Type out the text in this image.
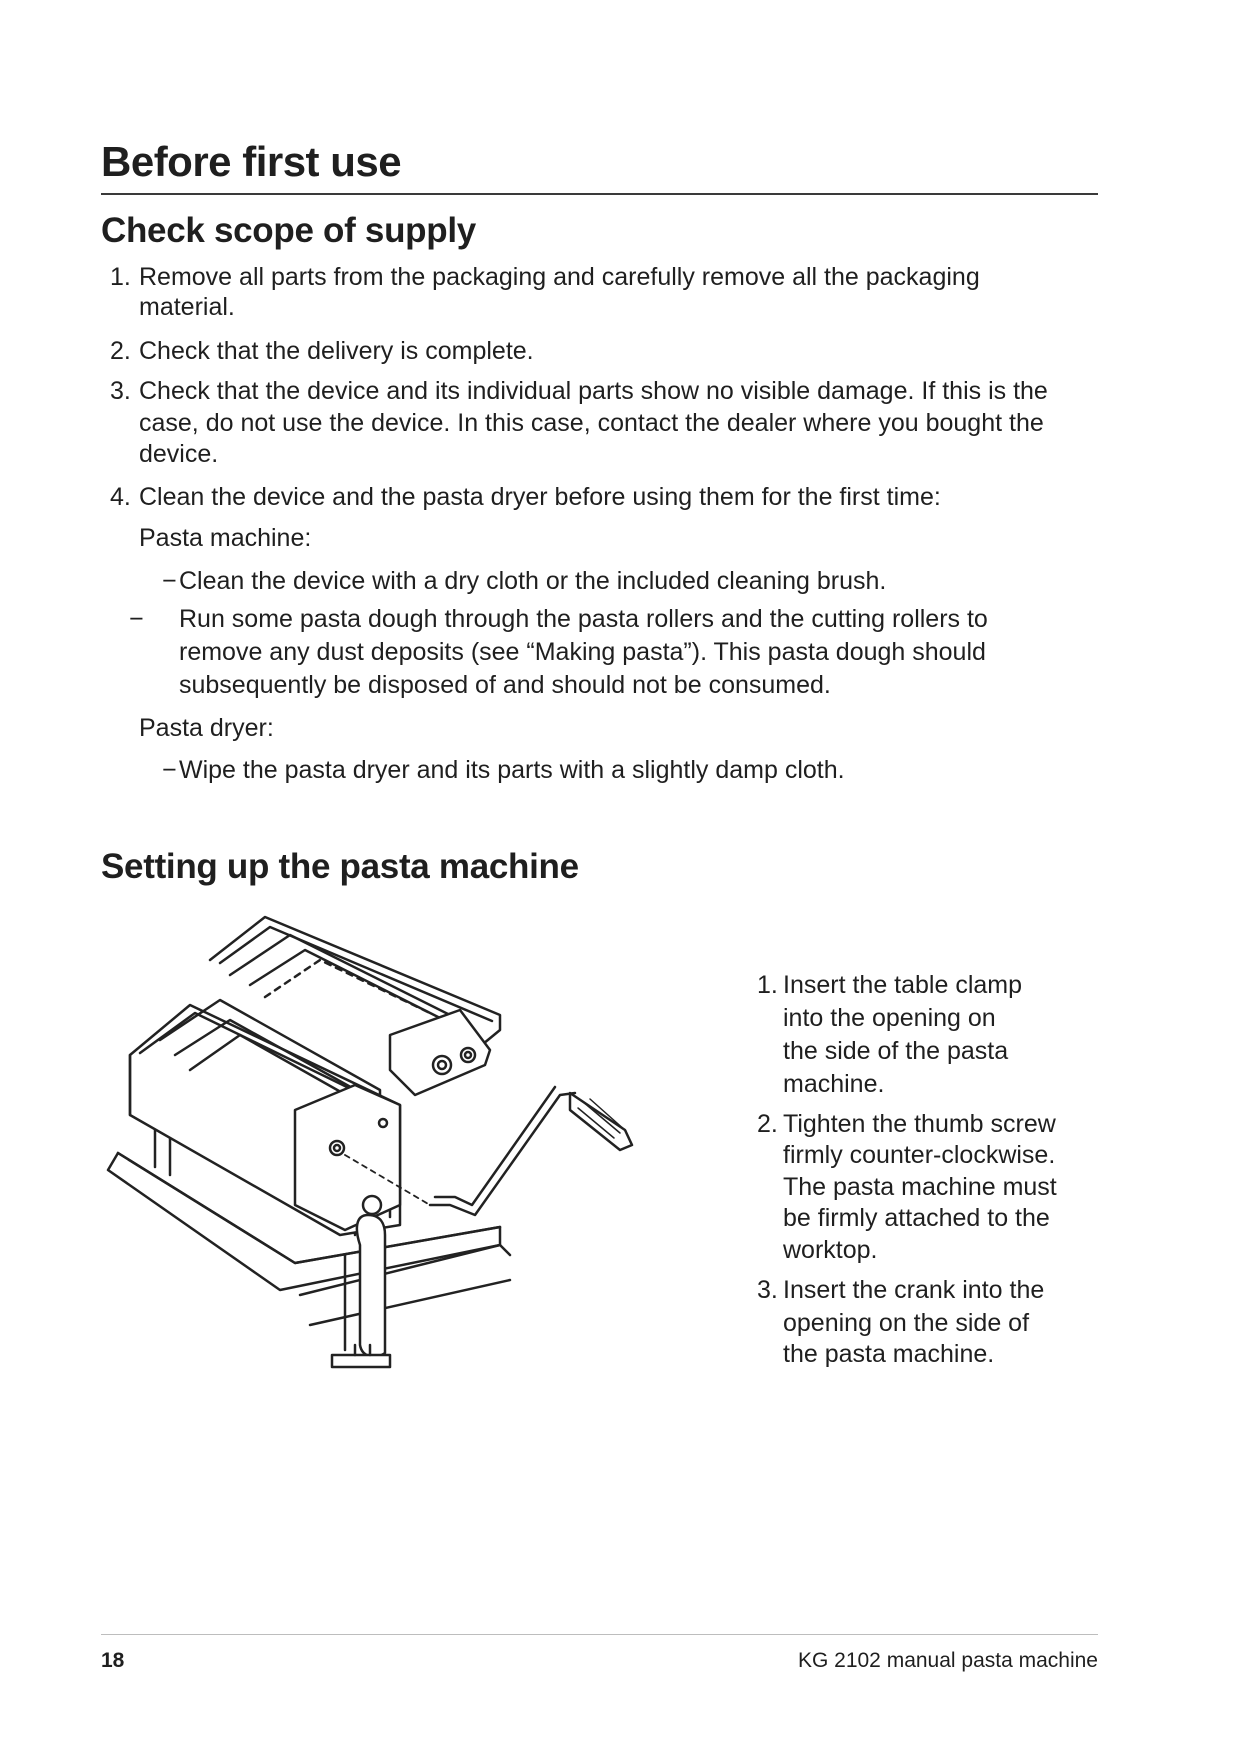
Before first use
Check scope of supply
1. Remove all parts from the packaging and carefully remove all the packaging
material.
2. Check that the delivery is complete.
3. Check that the device and its individual parts show no visible damage. If this is the
case, do not use the device. In this case, contact the dealer where you bought the
device.
4. Clean the device and the pasta dryer before using them for the first time:
Pasta machine:
− Clean the device with a dry cloth or the included cleaning brush.
− Run some pasta dough through the pasta rollers and the cutting rollers to
remove any dust deposits (see “Making pasta”). This pasta dough should
subsequently be disposed of and should not be consumed.
Pasta dryer:
− Wipe the pasta dryer and its parts with a slightly damp cloth.
Setting up the pasta machine
1. Insert the table clamp
into the opening on
the side of the pasta
machine.
2. Tighten the thumb screw
firmly counter-clockwise.
The pasta machine must
be firmly attached to the
worktop.
3. Insert the crank into the
opening on the side of
the pasta machine.
18	KG 2102 manual pasta machine
